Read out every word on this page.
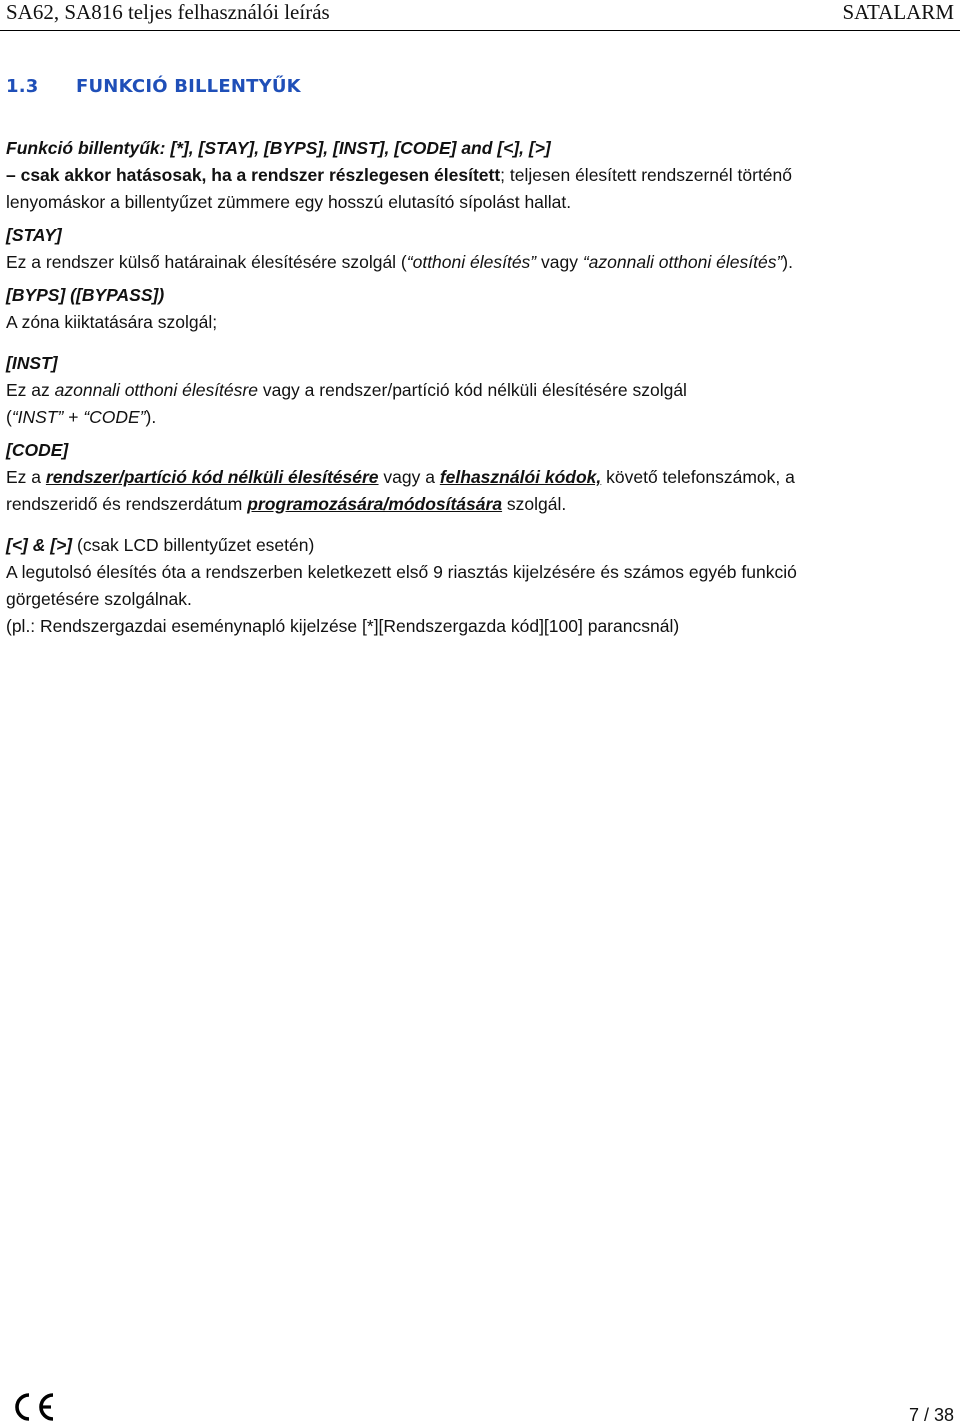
SA62, SA816 teljes felhasználói leírás	SATALARM
1.3 FUNKCIÓ BILLENTYŰK

Funkció billentyűk: [*], [STAY], [BYPS], [INST], [CODE] and [<], [>]

– csak akkor hatásosak, ha a rendszer részlegesen élesített; teljesen élesített rendszernél történő

lenyomáskor a billentyűzet zümmere egy hosszú elutasító sípolást hallat.

[STAY]

Ez a rendszer külső határainak élesítésére szolgál (“otthoni élesítés” vagy “azonnali otthoni élesítés”).

[BYPS] ([BYPASS])

A zóna kiiktatására szolgál;

[INST]

Ez az azonnali otthoni élesítésre vagy a rendszer/partíció kód nélküli élesítésére szolgál

(“INST” + “CODE”).

[CODE]

Ez a rendszer/partíció kód nélküli élesítésére vagy a felhasználói kódok, követő telefonszámok, a

rendszeridő és rendszerdátum programozására/módosítására szolgál.

[<] & [>] (csak LCD billentyűzet esetén)

A legutolsó élesítés óta a rendszerben keletkezett első 9 riasztás kijelzésére és számos egyéb funkció

görgetésére szolgálnak.

(pl.: Rendszergazdai eseménynapló kijelzése [*][Rendszergazda kód][100] parancsnál)

7 / 38
